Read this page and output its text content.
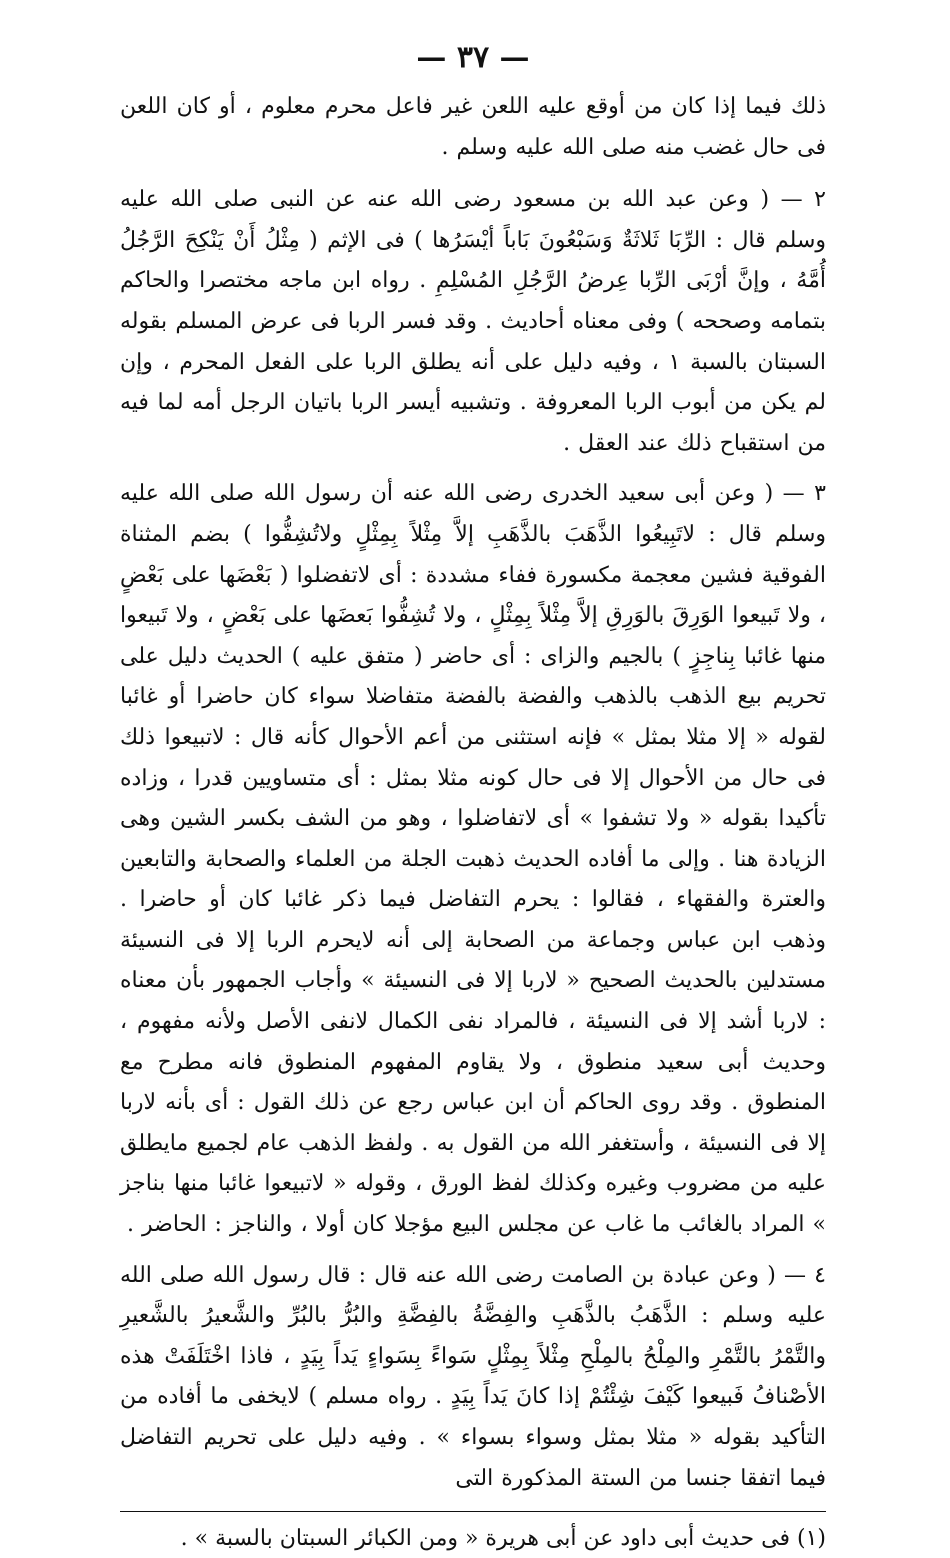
— ٣٧ —

ذلك فيما إذا كان من أوقع عليه اللعن غير فاعل محرم معلوم ، أو كان اللعن فى حال غضب منه صلى الله عليه وسلم .

٢ — ( وعن عبد الله بن مسعود رضى الله عنه عن النبى صلى الله عليه وسلم قال : الرِّبَا ثَلاثَةٌ وَسَبْعُونَ بَاباً أيْسَرُها ) فى الإثم ( مِثْلُ أَنْ يَنْكِحَ الرَّجُلُ أُمَّهُ ، وإنَّ أرْبَى الرِّبا عِرضُ الرَّجُلِ المُسْلِمِ . رواه ابن ماجه مختصرا والحاكم بتمامه وصححه ) وفى معناه أحاديث . وقد فسر الربا فى عرض المسلم بقوله السبتان بالسبة ١ ، وفيه دليل على أنه يطلق الربا على الفعل المحرم ، وإن لم يكن من أبوب الربا المعروفة . وتشبيه أيسر الربا باتيان الرجل أمه لما فيه من استقباح ذلك عند العقل .

٣ — ( وعن أبى سعيد الخدرى رضى الله عنه أن رسول الله صلى الله عليه وسلم قال : لاتَبِيعُوا الذَّهَبَ بالذَّهَبِ إلاَّ مِثْلاً بِمِثْلٍ ولاتُشِفُّوا ) بضم المثناة الفوقية فشين معجمة مكسورة ففاء مشددة : أى لاتفضلوا ( بَعْضَها على بَعْضٍ ، ولا تَبيعوا الوَرِقَ بالوَرِقِ إلاَّ مِثْلاً بِمِثْلٍ ، ولا تُشِفُّوا بَعضَها على بَعْضٍ ، ولا تَبيعوا منها غائبا بِناجِزٍ ) بالجيم والزاى : أى حاضر ( متفق عليه ) الحديث دليل على تحريم بيع الذهب بالذهب والفضة بالفضة متفاضلا سواء كان حاضرا أو غائبا لقوله « إلا مثلا بمثل » فإنه استثنى من أعم الأحوال كأنه قال : لاتبيعوا ذلك فى حال من الأحوال إلا فى حال كونه مثلا بمثل : أى متساويين قدرا ، وزاده تأكيدا بقوله « ولا تشفوا » أى لاتفاضلوا ، وهو من الشف بكسر الشين وهى الزيادة هنا . وإلى ما أفاده الحديث ذهبت الجلة من العلماء والصحابة والتابعين والعترة والفقهاء ، فقالوا : يحرم التفاضل فيما ذكر غائبا كان أو حاضرا . وذهب ابن عباس وجماعة من الصحابة إلى أنه لايحرم الربا إلا فى النسيئة مستدلين بالحديث الصحيح « لاربا إلا فى النسيئة » وأجاب الجمهور بأن معناه : لاربا أشد إلا فى النسيئة ، فالمراد نفى الكمال لانفى الأصل ولأنه مفهوم ، وحديث أبى سعيد منطوق ، ولا يقاوم المفهوم المنطوق فانه مطرح مع المنطوق . وقد روى الحاكم أن ابن عباس رجع عن ذلك القول : أى بأنه لاربا إلا فى النسيئة ، وأستغفر الله من القول به . ولفظ الذهب عام لجميع مايطلق عليه من مضروب وغيره وكذلك لفظ الورق ، وقوله « لاتبيعوا غائبا منها بناجز » المراد بالغائب ما غاب عن مجلس البيع مؤجلا كان أولا ، والناجز : الحاضر .

٤ — ( وعن عبادة بن الصامت رضى الله عنه قال : قال رسول الله صلى الله عليه وسلم : الذَّهَبُ بالذَّهَبِ والفِضَّةُ بالفِضَّةِ والبُرُّ بالبُرِّ والشَّعيرُ بالشَّعيرِ والتَّمْرُ بالتَّمْرِ والمِلْحُ بالمِلْحِ مِثْلاً بِمِثْلٍ سَواءً بِسَواءٍ يَداً بِيَدٍ ، فاذا اخْتَلَفَتْ هذه الأصْنافُ فَبيعوا كَيْفَ شِئْتُمْ إذا كانَ يَداً بِيَدٍ . رواه مسلم ) لايخفى ما أفاده من التأكيد بقوله « مثلا بمثل وسواء بسواء » . وفيه دليل على تحريم التفاضل فيما اتفقا جنسا من الستة المذكورة التى

(١) فى حديث أبى داود عن أبى هريرة « ومن الكبائر السبتان بالسبة » .
